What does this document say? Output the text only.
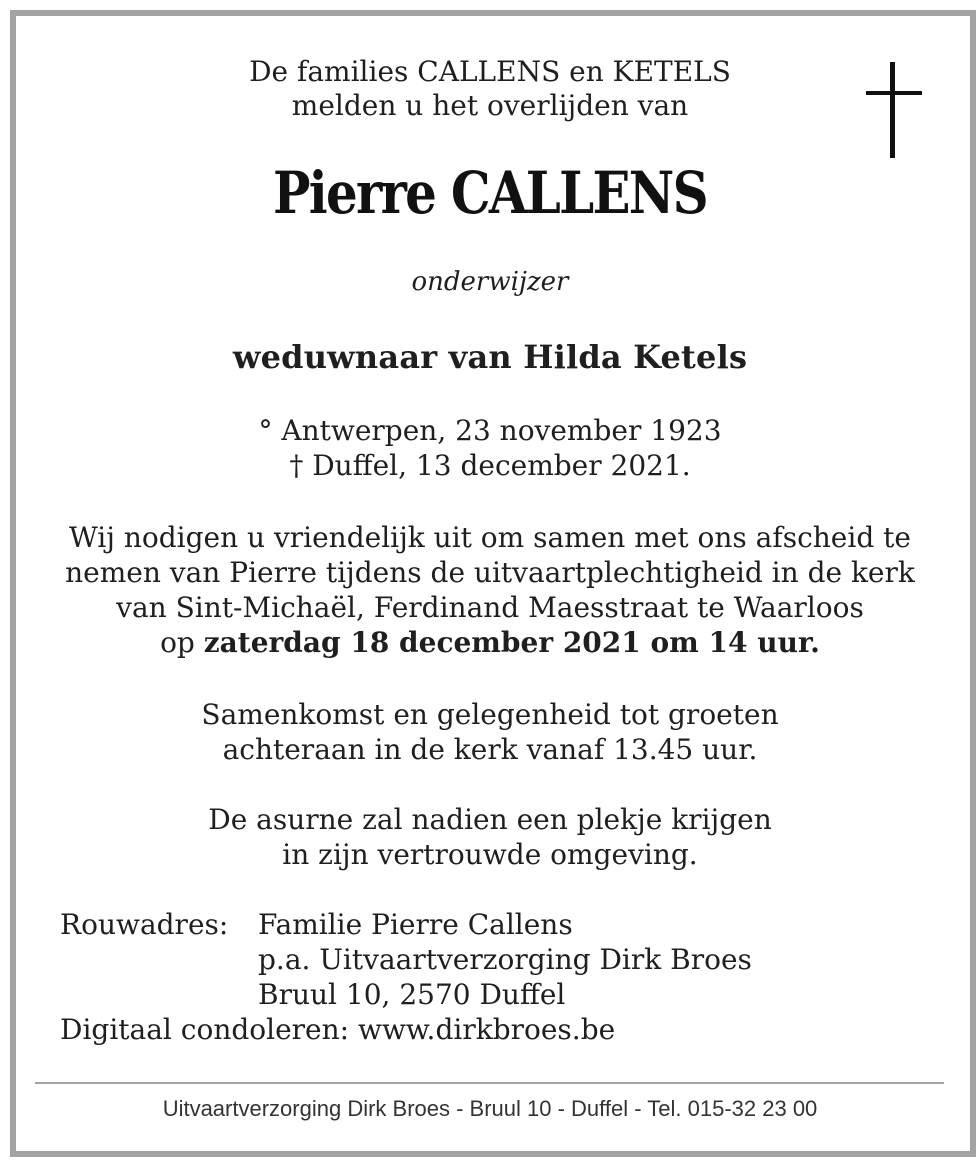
De families CALLENS en KETELS
melden u het overlijden van
Pierre CALLENS
onderwijzer
weduwnaar van Hilda Ketels
° Antwerpen, 23 november 1923
† Duffel, 13 december 2021.
Wij nodigen u vriendelijk uit om samen met ons afscheid te
nemen van Pierre tijdens de uitvaartplechtigheid in de kerk
van Sint-Michaël, Ferdinand Maesstraat te Waarloos
op zaterdag 18 december 2021 om 14 uur.
Samenkomst en gelegenheid tot groeten
achteraan in de kerk vanaf 13.45 uur.
De asurne zal nadien een plekje krijgen
in zijn vertrouwde omgeving.
Rouwadres:	Familie Pierre Callens
p.a. Uitvaartverzorging Dirk Broes
Bruul 10, 2570 Duffel
Digitaal condoleren: www.dirkbroes.be
Uitvaartverzorging Dirk Broes - Bruul 10 - Duffel - Tel. 015-32 23 00
